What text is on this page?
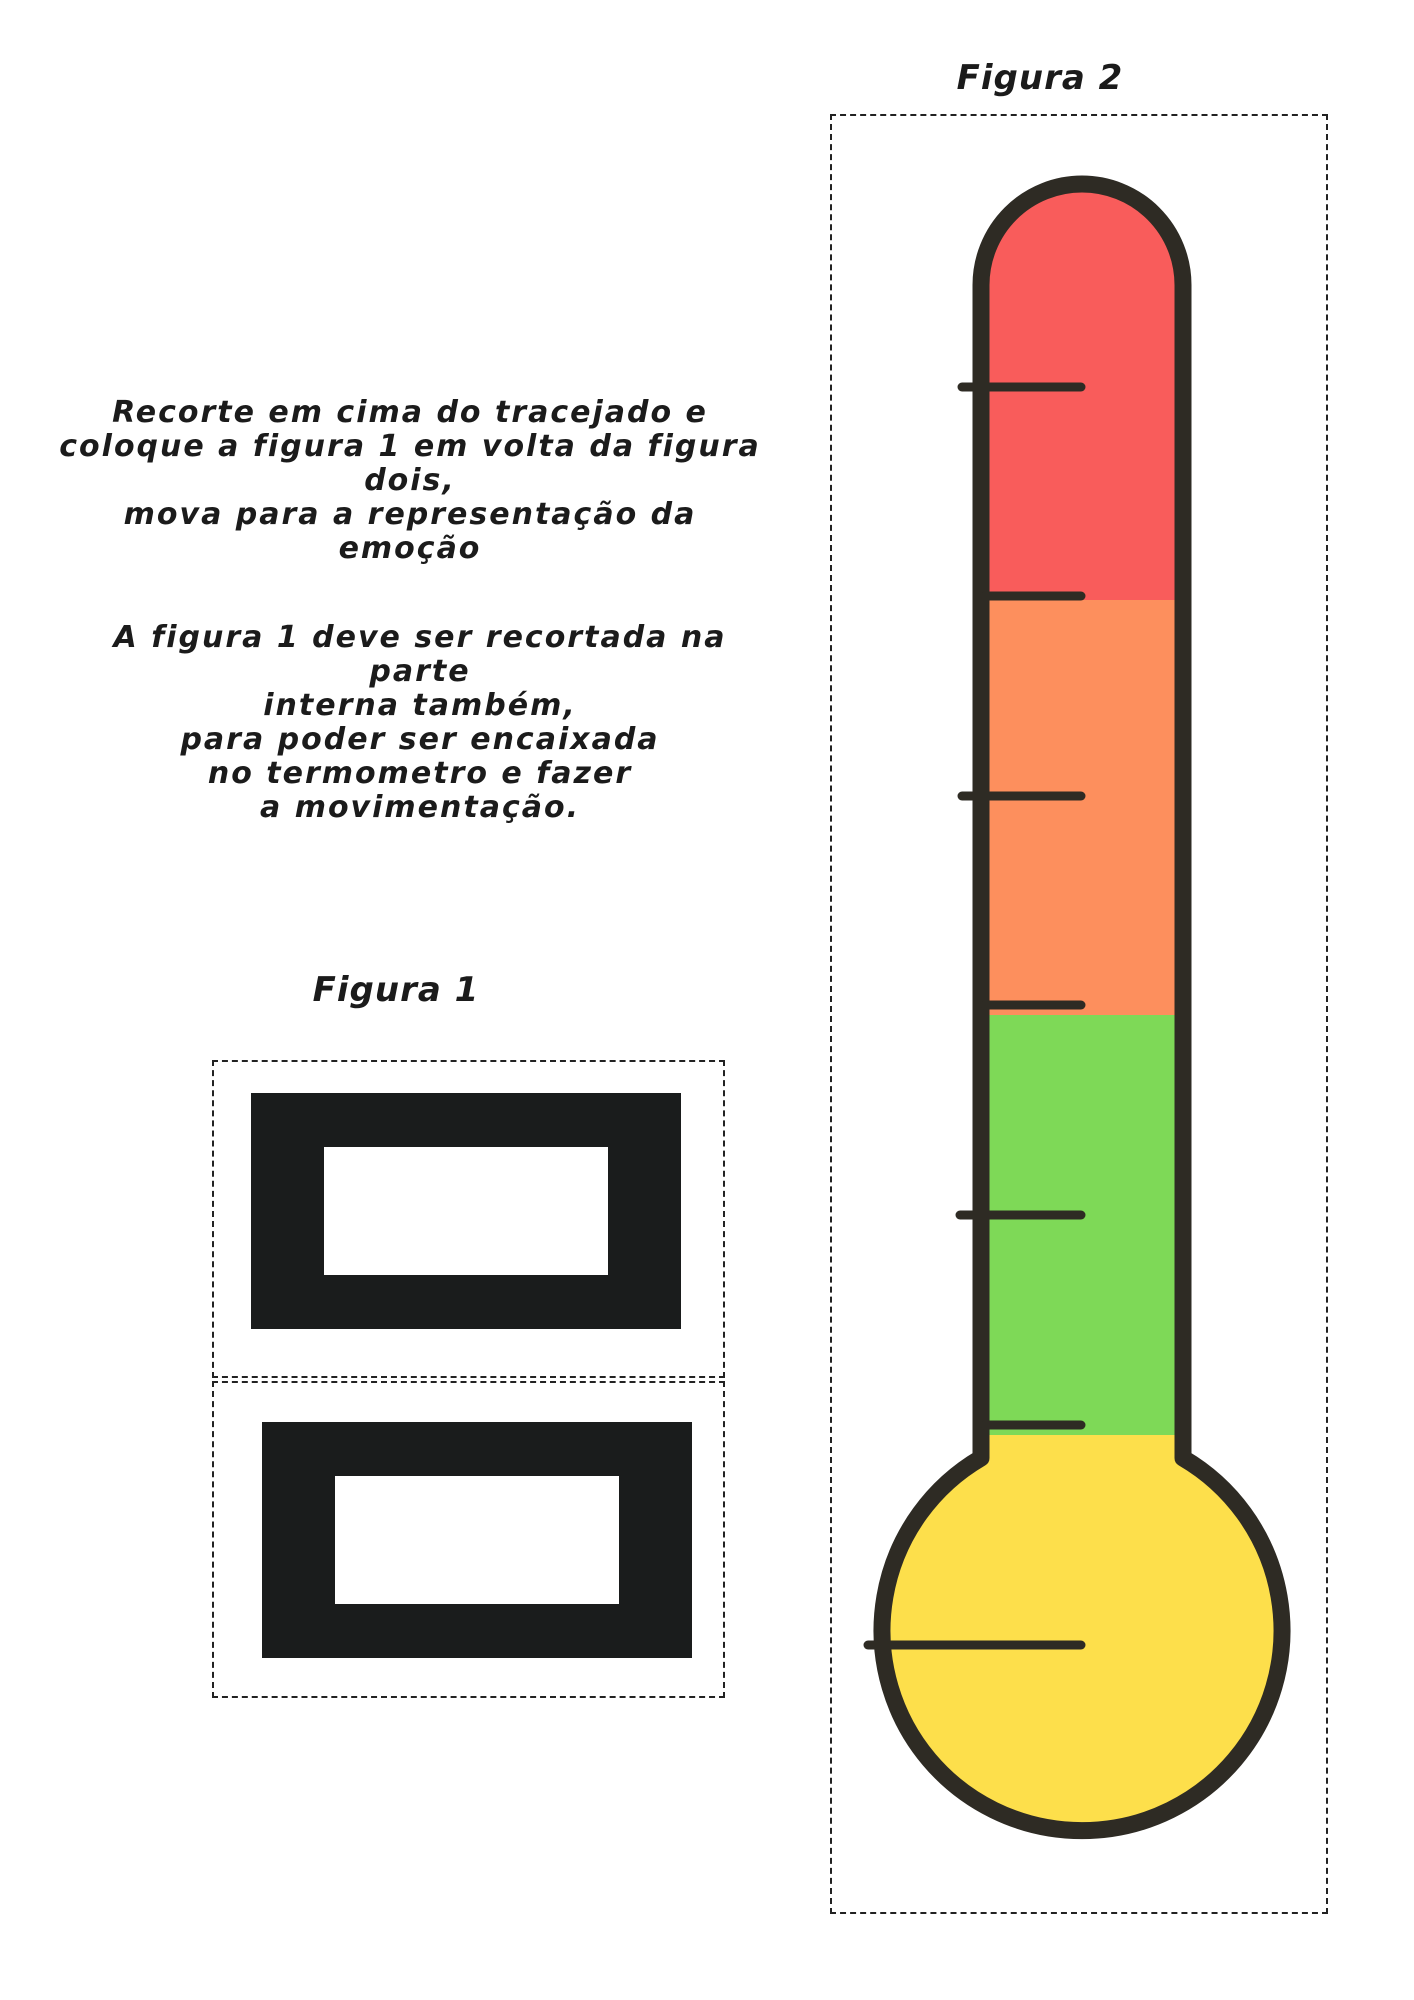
Figura 2
Recorte em cima do tracejado e
coloque a figura 1 em volta da figura dois,
mova para a representação da
emoção
A figura 1 deve ser recortada na parte
interna também,
para poder ser encaixada
no termometro e fazer
a movimentação.
Figura 1
